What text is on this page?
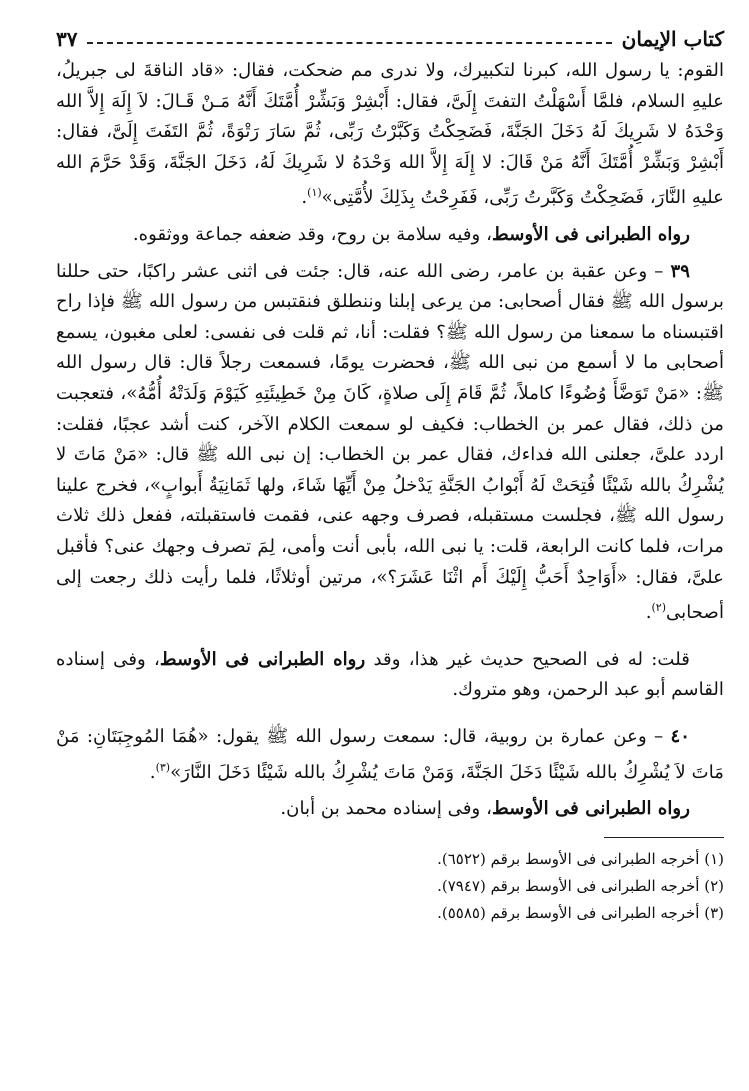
كتاب الإيمان
٣٧

القوم: يا رسول الله، كبرنا لتكبيرك، ولا ندرى مم ضحكت، فقال: «قاد الناقةَ لى جبريلُ، عليهِ السلام، فلمَّا أَسْهَلْتُ التفتَ إِلَىَّ، فقال: أَبْشِرْ وَبَشِّرْ أُمَّتَكَ أَنَّهُ مَـنْ قَـالَ: لاَ إِلَهَ إِلاَّ الله وَحْدَهُ لا شَرِيكَ لَهُ دَخَلَ الجَنَّةَ، فَضَحِكْتُ وَكَبَّرْتُ رَبِّى، ثُمَّ سَارَ رَتْوَةً، ثُمَّ التَفَتَ إِلَىَّ، فقال: أَبْشِرْ وَبَشِّرْ أُمَّتَكَ أَنَّهُ مَنْ قَالَ: لا إِلَهَ إِلاَّ الله وَحْدَهُ لا شَرِيكَ لَهُ، دَخَلَ الجَنَّةَ، وَقَدْ حَرَّمَ الله عليهِ النَّارَ، فَضَحِكْتُ وَكَبَّرتُ رَبِّى، فَفَرِحْتُ بِذَلِكَ لأُمَّتِى»$^{(١)}$.

رواه الطبرانى فى الأوسط، وفيه سلامة بن روح، وقد ضعفه جماعة ووثقوه.

٣٩ – وعن عقبة بن عامر، رضى الله عنه، قال: جئت فى اثنى عشر راكبًا، حتى حللنا برسول الله ﷺ فقال أصحابى: من يرعى إبلنا وننطلق فنقتبس من رسول الله ﷺ فإذا راح اقتبسناه ما سمعنا من رسول الله ﷺ؟ فقلت: أنا، ثم قلت فى نفسى: لعلى مغبون، يسمع أصحابى ما لا أسمع من نبى الله ﷺ، فحضرت يومًا، فسمعت رجلاً قال: قال رسول الله ﷺ: «مَنْ تَوَضَّأَ وُضُوءًا كاملاً، ثُمَّ قَامَ إِلَى صلاةٍ، كَانَ مِنْ خَطِيئَتِهِ كَيَوْمَ وَلَدَتْهُ أُمُّهُ»، فتعجبت من ذلك، فقال عمر بن الخطاب: فكيف لو سمعت الكلام الآخر، كنت أشد عجبًا، فقلت: اردد علىَّ، جعلنى الله فداءك، فقال عمر بن الخطاب: إن نبى الله ﷺ قال: «مَنْ مَاتَ لا يُشْرِكُ بالله شَيْئًا فُتِحَتْ لَهُ أَبْوابُ الجَنَّةِ يَدْخلُ مِنْ أَيِّهَا شَاءَ، ولها ثَمَانِيَةُ أَبوابٍ»، فخرج علينا رسول الله ﷺ، فجلست مستقبله، فصرف وجهه عنى، فقمت فاستقبلته، ففعل ذلك ثلاث مرات، فلما كانت الرابعة، قلت: يا نبى الله، بأبى أنت وأمى، لِمَ تصرف وجهك عنى؟ فأقبل علىَّ، فقال: «أَوَاحِدٌ أَحَبُّ إِلَيْكَ أَم اثْنَا عَشَرَ؟»، مرتين أوثلاثًا، فلما رأيت ذلك رجعت إلى أصحابى$^{(٢)}$.

قلت: له فى الصحيح حديث غير هذا، وقد رواه الطبرانى فى الأوسط، وفى إسناده القاسم أبو عبد الرحمن، وهو متروك.

٤٠ – وعن عمارة بن روبية، قال: سمعت رسول الله ﷺ يقول: «هُمَا المُوجِبَتَانِ: مَنْ مَاتَ لاَ يُشْرِكُ بالله شَيْئًا دَخَلَ الجَنَّةَ، وَمَنْ مَاتَ يُشْرِكُ بالله شَيْئًا دَخَلَ النَّارَ»$^{(٣)}$.

رواه الطبرانى فى الأوسط، وفى إسناده محمد بن أبان.

(١) أخرجه الطبرانى فى الأوسط برقم (٦٥٢٢).
(٢) أخرجه الطبرانى فى الأوسط برقم (٧٩٤٧).
(٣) أخرجه الطبرانى فى الأوسط برقم (٥٥٨٥).
